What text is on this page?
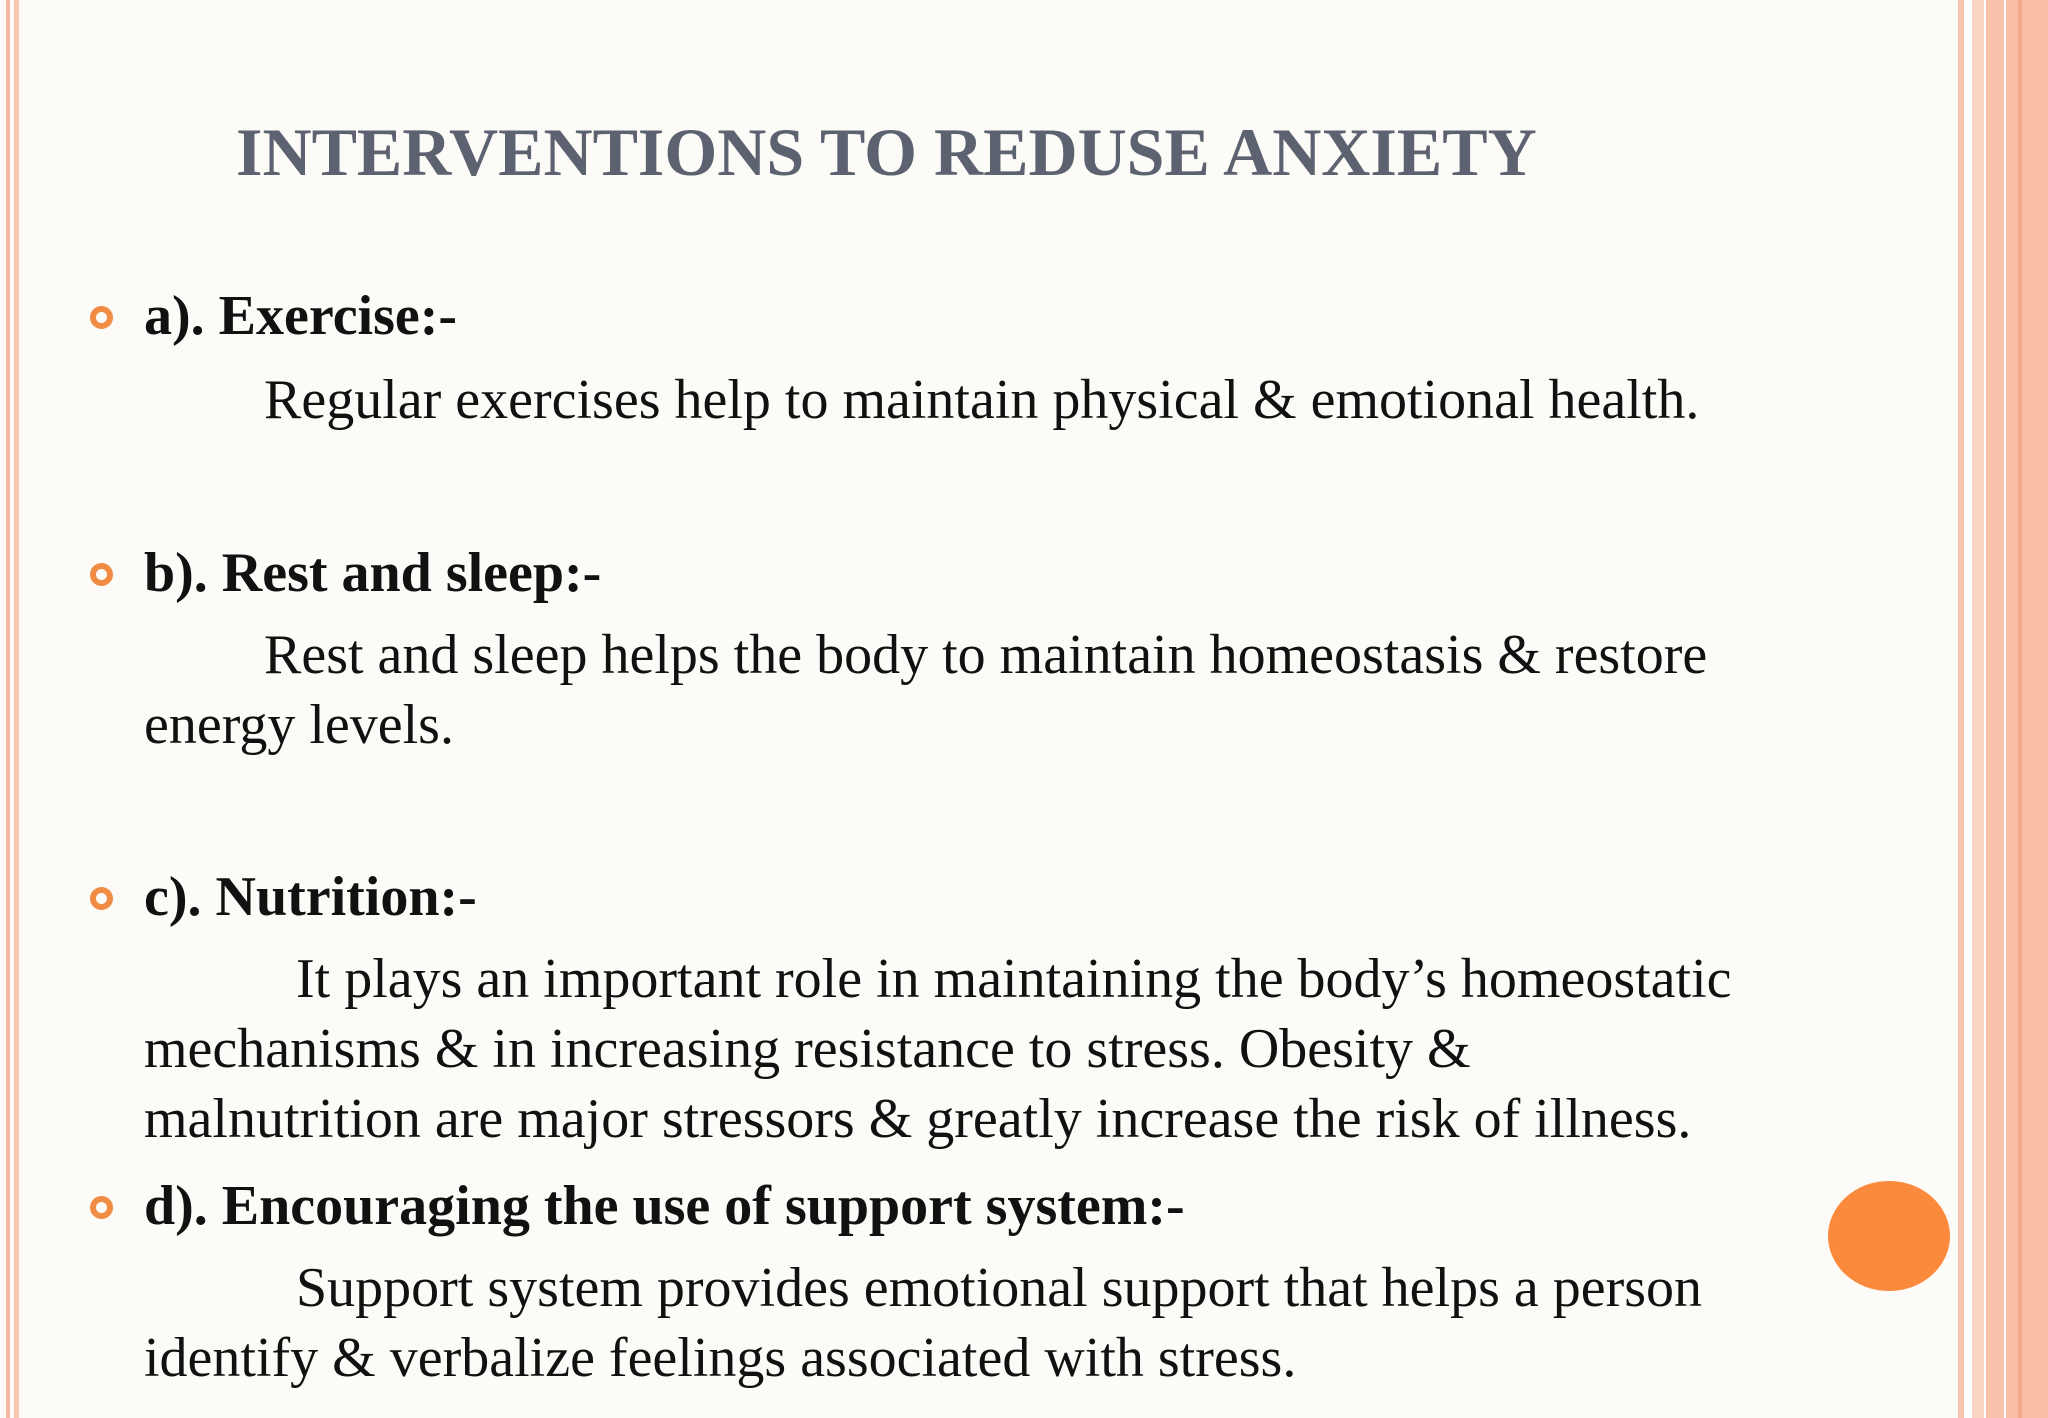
INTERVENTIONS TO REDUSE ANXIETY
a). Exercise:-
Regular exercises help to maintain physical & emotional health.
b). Rest and sleep:-
Rest and sleep helps the body to maintain homeostasis & restore
energy levels.
c). Nutrition:-
It plays an important role in maintaining the body’s homeostatic
mechanisms & in increasing resistance to stress. Obesity &
malnutrition are major stressors & greatly increase the risk of illness.
d). Encouraging the use of support system:-
Support system provides emotional support that helps a person
identify & verbalize feelings associated with stress.
